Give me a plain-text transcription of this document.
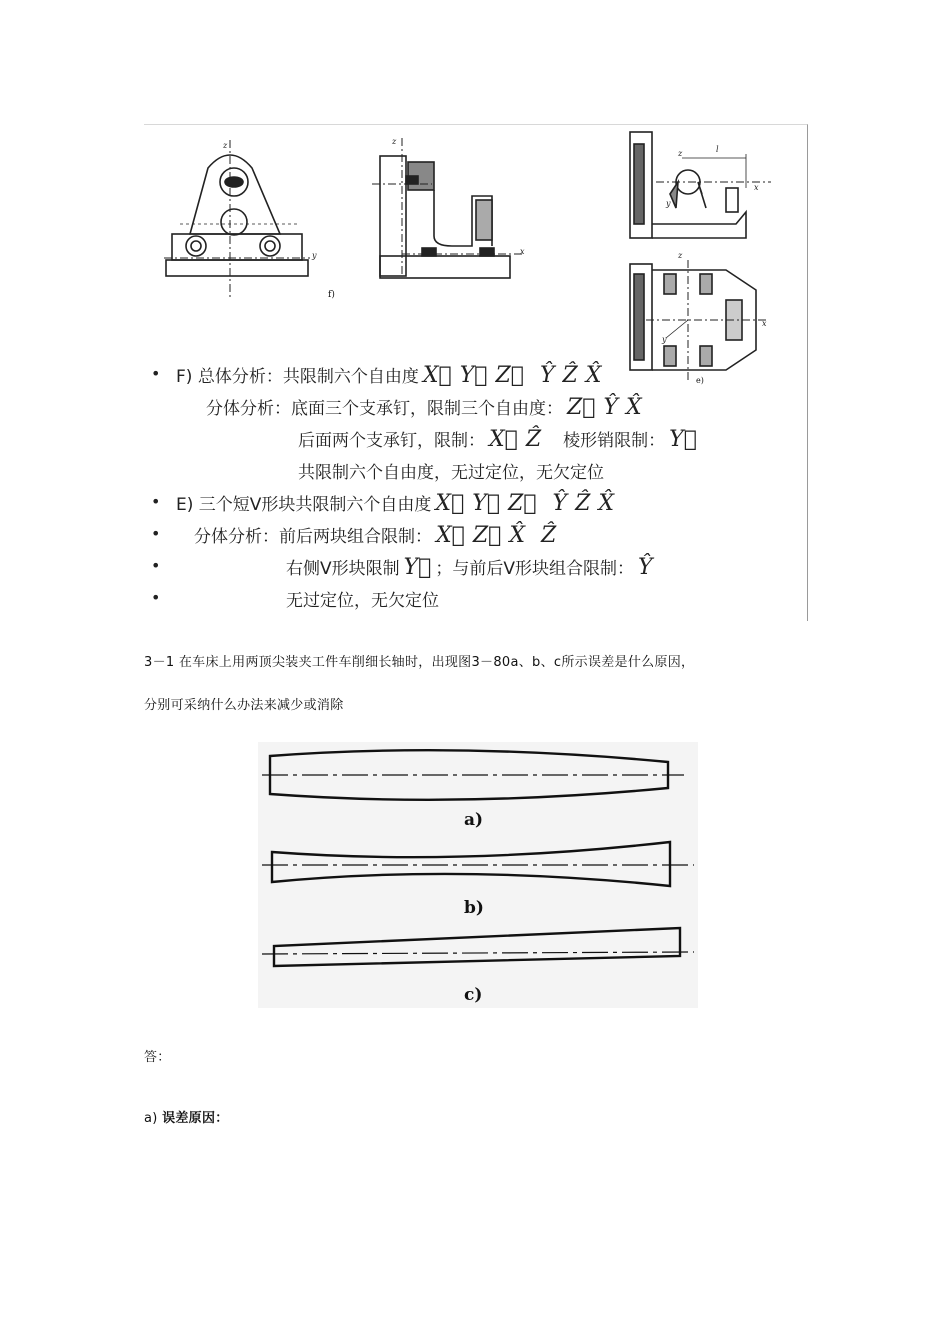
z
y
f)
z
x
z	l
y
x
z
y
x
e)
• F) 总体分析：共限制六个自由度 X⃗ Y⃗ Z⃗ Ŷ Ẑ X̂
分体分析：底面三个支承钉，限制三个自由度： Z⃗ Ŷ X̂
后面两个支承钉，限制： X⃗ Ẑ 棱形销限制： Y⃗
共限制六个自由度，无过定位，无欠定位
• E) 三个短V形块共限制六个自由度 X⃗ Y⃗ Z⃗ Ŷ Ẑ X̂
• 分体分析：前后两块组合限制： X⃗ Z⃗ X̂ Ẑ
•	右侧V形块限制 Y⃗ ；与前后V形块组合限制： Ŷ
•	无过定位，无欠定位
3－1 在车床上用两顶尖装夹工件车削细长轴时，出现图3－80a、b、c所示误差是什么原因，
分别可采纳什么办法来减少或消除
a)
b)
c)
答：
a) 误差原因：
